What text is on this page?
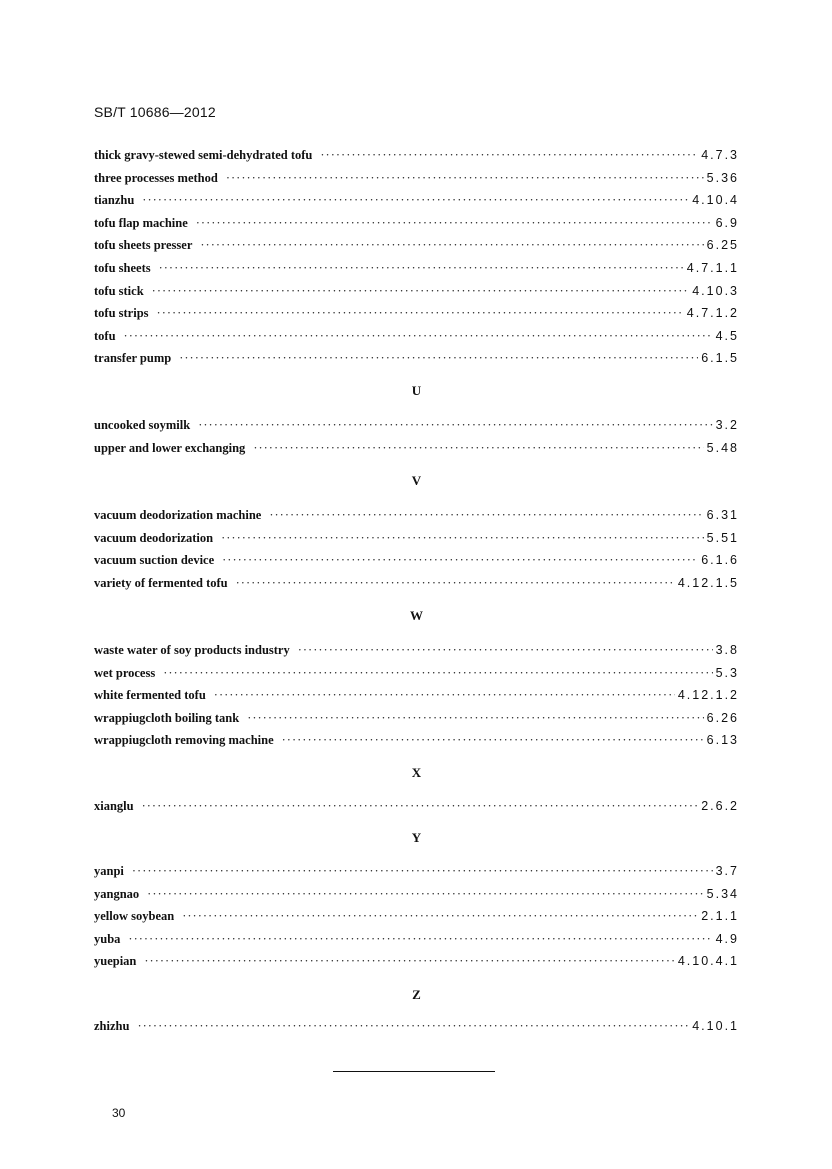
SB/T 10686—2012
thick gravy-stewed semi-dehydrated tofu ·····	4.7.3
three processes method ·····	5.36
tianzhu ·····	4.10.4
tofu flap machine ·····	6.9
tofu sheets presser ·····	6.25
tofu sheets ·····	4.7.1.1
tofu stick ·····	4.10.3
tofu strips ·····	4.7.1.2
tofu ·····	4.5
transfer pump ·····	6.1.5
U
uncooked soymilk ·····	3.2
upper and lower exchanging ·····	5.48
V
vacuum deodorization machine ·····	6.31
vacuum deodorization ·····	5.51
vacuum suction device ·····	6.1.6
variety of fermented tofu ·····	4.12.1.5
W
waste water of soy products industry ·····	3.8
wet process ·····	5.3
white fermented tofu ·····	4.12.1.2
wrappiugcloth boiling tank ·····	6.26
wrappiugcloth removing machine ·····	6.13
X
xianglu ·····	2.6.2
Y
yanpi ·····	3.7
yangnao ·····	5.34
yellow soybean ·····	2.1.1
yuba ·····	4.9
yuepian ·····	4.10.4.1
Z
zhizhu ·····	4.10.1
30
